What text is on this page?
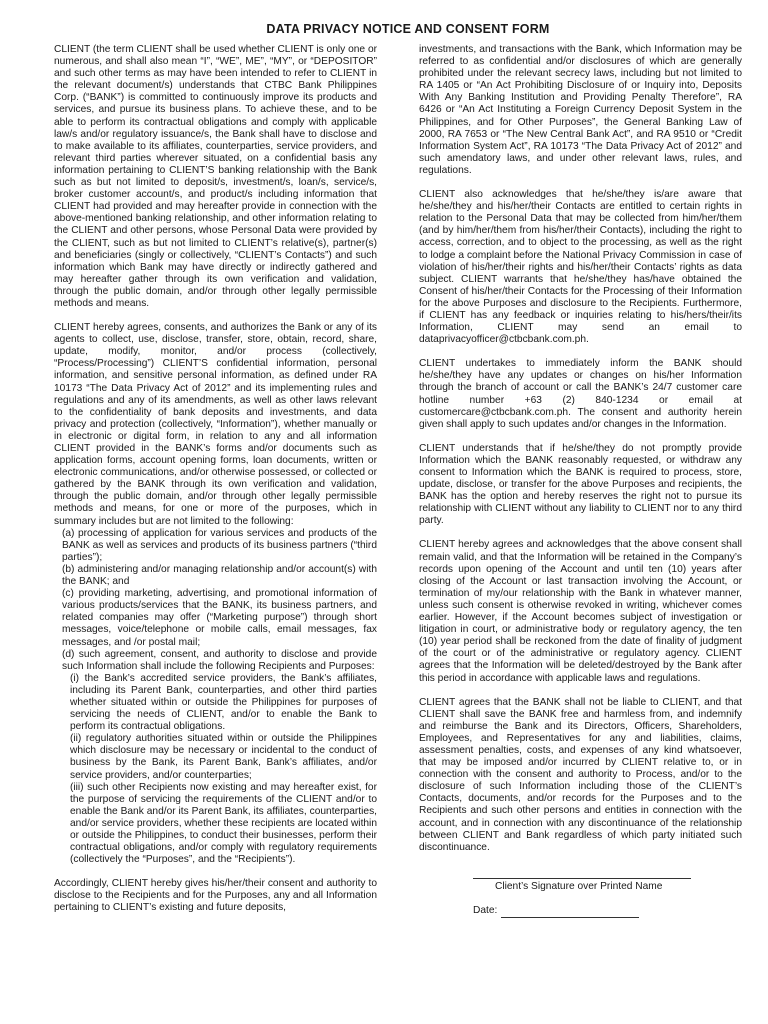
DATA PRIVACY NOTICE AND CONSENT FORM

CLIENT (the term CLIENT shall be used whether CLIENT is only one or numerous, and shall also mean “I”, “WE”, ME”, “MY”, or “DEPOSITOR” and such other terms as may have been intended to refer to CLIENT in the relevant document/s) understands that CTBC Bank Philippines Corp. (“BANK”) is committed to continuously improve its products and services, and pursue its business plans. To achieve these, and to be able to perform its contractual obligations and comply with applicable law/s and/or regulatory issuance/s, the Bank shall have to disclose and to make available to its affiliates, counterparties, service providers, and relevant third parties wherever situated, on a confidential basis any information pertaining to CLIENT’S banking relationship with the Bank such as but not limited to deposit/s, investment/s, loan/s, service/s, broker customer account/s, and product/s including information that CLIENT had provided and may hereafter provide in connection with the above-mentioned banking relationship, and other information relating to the CLIENT and other persons, whose Personal Data were provided by the CLIENT, such as but not limited to CLIENT’s relative(s), partner(s) and beneficiaries (singly or collectively, “CLIENT’s Contacts”) and such information which Bank may have directly or indirectly gathered and may hereafter gather through its own verification and validation, through the public domain, and/or through other legally permissible methods and means.

CLIENT hereby agrees, consents, and authorizes the Bank or any of its agents to collect, use, disclose, transfer, store, obtain, record, share, update, modify, monitor, and/or process (collectively, “Process/Processing”) CLIENT’S confidential information, personal information, and sensitive personal information, as defined under RA 10173 “The Data Privacy Act of 2012” and its implementing rules and regulations and any of its amendments, as well as other laws relevant to the confidentiality of bank deposits and investments, and data privacy and protection (collectively, “Information”), whether manually or in electronic or digital form, in relation to any and all information CLIENT provided in the BANK’s forms and/or documents such as application forms, account opening forms, loan documents, written or electronic communications, and/or otherwise possessed, or collected or gathered by the BANK through its own verification and validation, through the public domain, and/or through other legally permissible methods and means, for one or more of the purposes, which in summary includes but are not limited to the following:

(a) processing of application for various services and products of the BANK as well as services and products of its business partners (“third parties”);
(b) administering and/or managing relationship and/or account(s) with the BANK; and
(c) providing marketing, advertising, and promotional information of various products/services that the BANK, its business partners, and related companies may offer (“Marketing purpose”) through short messages, voice/telephone or mobile calls, email messages, fax messages, and /or postal mail;
(d) such agreement, consent, and authority to disclose and provide such Information shall include the following Recipients and Purposes:
(i) the Bank’s accredited service providers, the Bank’s affiliates, including its Parent Bank, counterparties, and other third parties whether situated within or outside the Philippines for purposes of servicing the needs of CLIENT, and/or to enable the Bank to perform its contractual obligations.
(ii) regulatory authorities situated within or outside the Philippines which disclosure may be necessary or incidental to the conduct of business by the Bank, its Parent Bank, Bank’s affiliates, and/or service providers, and/or counterparties;
(iii) such other Recipients now existing and may hereafter exist, for the purpose of servicing the requirements of the CLIENT and/or to enable the Bank and/or its Parent Bank, its affiliates, counterparties, and/or service providers, whether these recipients are located within or outside the Philippines, to conduct their businesses, perform their contractual obligations, and/or comply with regulatory requirements (collectively the “Purposes”, and the “Recipients”).

Accordingly, CLIENT hereby gives his/her/their consent and authority to disclose to the Recipients and for the Purposes, any and all Information pertaining to CLIENT’s existing and future deposits,

investments, and transactions with the Bank, which Information may be referred to as confidential and/or disclosures of which are generally prohibited under the relevant secrecy laws, including but not limited to RA 1405 or “An Act Prohibiting Disclosure of or Inquiry into, Deposits With Any Banking Institution and Providing Penalty Therefore”, RA 6426 or “An Act Instituting a Foreign Currency Deposit System in the Philippines, and for Other Purposes”, the General Banking Law of 2000, RA 7653 or “The New Central Bank Act”, and RA 9510 or “Credit Information System Act”, RA 10173 “The Data Privacy Act of 2012” and such amendatory laws, and under other relevant laws, rules, and regulations.

CLIENT also acknowledges that he/she/they is/are aware that he/she/they and his/her/their Contacts are entitled to certain rights in relation to the Personal Data that may be collected from him/her/them (and by him/her/them from his/her/their Contacts), including the right to access, correction, and to object to the processing, as well as the right to lodge a complaint before the National Privacy Commission in case of violation of his/her/their rights and his/her/their Contacts’ rights as data subject. CLIENT warrants that he/she/they has/have obtained the Consent of his/her/their Contacts for the Processing of their Information for the above Purposes and disclosure to the Recipients. Furthermore, if CLIENT has any feedback or inquiries relating to his/hers/their/its Information, CLIENT may send an email to dataprivacyofficer@ctbcbank.com.ph.

CLIENT undertakes to immediately inform the BANK should he/she/they have any updates or changes on his/her Information through the branch of account or call the BANK’s 24/7 customer care hotline number +63 (2) 840-1234 or email at customercare@ctbcbank.com.ph. The consent and authority herein given shall apply to such updates and/or changes in the Information.

CLIENT understands that if he/she/they do not promptly provide Information which the BANK reasonably requested, or withdraw any consent to Information which the BANK is required to process, store, update, disclose, or transfer for the above Purposes and recipients, the BANK has the option and hereby reserves the right not to pursue its relationship with CLIENT without any liability to CLIENT nor to any third party.

CLIENT hereby agrees and acknowledges that the above consent shall remain valid, and that the Information will be retained in the Company’s records upon opening of the Account and until ten (10) years after closing of the Account or last transaction involving the Account, or termination of my/our relationship with the Bank in whatever manner, unless such consent is otherwise revoked in writing, whichever comes earlier. However, if the Account becomes subject of investigation or litigation in court, or administrative body or regulatory agency, the ten (10) year period shall be reckoned from the date of finality of judgment of the court or of the administrative or regulatory agency. CLIENT agrees that the Information will be deleted/destroyed by the Bank after this period in accordance with applicable laws and regulations.

CLIENT agrees that the BANK shall not be liable to CLIENT, and that CLIENT shall save the BANK free and harmless from, and indemnify and reimburse the Bank and its Directors, Officers, Shareholders, Employees, and Representatives for any and liabilities, claims, assessment penalties, costs, and expenses of any kind whatsoever, that may be imposed and/or incurred by CLIENT relative to, or in connection with the consent and authority to Process, and/or to the disclosure of such Information including those of the CLIENT’s Contacts, documents, and/or records for the Purposes and to the Recipients and such other persons and entities in connection with the account, and in connection with any discontinuance of the relationship between CLIENT and Bank regardless of which party initiated such discontinuance.

Client’s Signature over Printed Name
Date:
